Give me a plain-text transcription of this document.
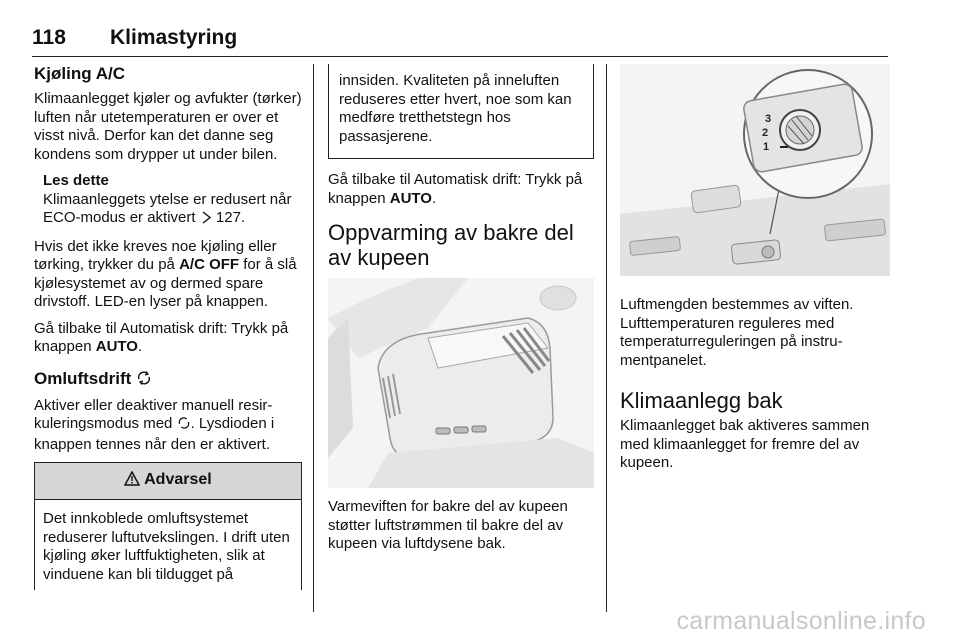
118 Klimastyring
Kjøling A/C

Klimaanlegget kjøler og avfukter (tørker) luften når utetemperaturen er over et visst nivå. Derfor kan det danne seg kondens som drypper ut under bilen.

Les dette
Klimaanleggets ytelse er redusert når ECO-modus er aktivert 127.

Hvis det ikke kreves noe kjøling eller tørking, trykker du på A/C OFF for å slå kjølesystemet av og dermed spare drivstoff. LED-en lyser på knappen.

Gå tilbake til Automatisk drift: Trykk på knappen AUTO.

Omluftsdrift

Aktiver eller deaktiver manuell resir-kuleringsmodus med . Lysdioden i knappen tennes når den er aktivert.

Advarsel
Det innkoblede omluftsystemet reduserer luftutvekslingen. I drift uten kjøling øker luftfuktigheten, slik at vinduene kan bli tildugget på
innsiden. Kvaliteten på inneluften reduseres etter hvert, noe som kan medføre tretthetstegn hos passasjerene.

Gå tilbake til Automatisk drift: Trykk på knappen AUTO.

Oppvarming av bakre del av kupeen

Varmeviften for bakre del av kupeen støtter luftstrømmen til bakre del av kupeen via luftdysene bak.

3
2
1

Luftmengden bestemmes av viften. Lufttemperaturen reguleres med temperaturreguleringen på instru-mentpanelet.

Klimaanlegg bak

Klimaanlegget bak aktiveres sammen med klimaanlegget for fremre del av kupeen.

carmanualsonline.info
